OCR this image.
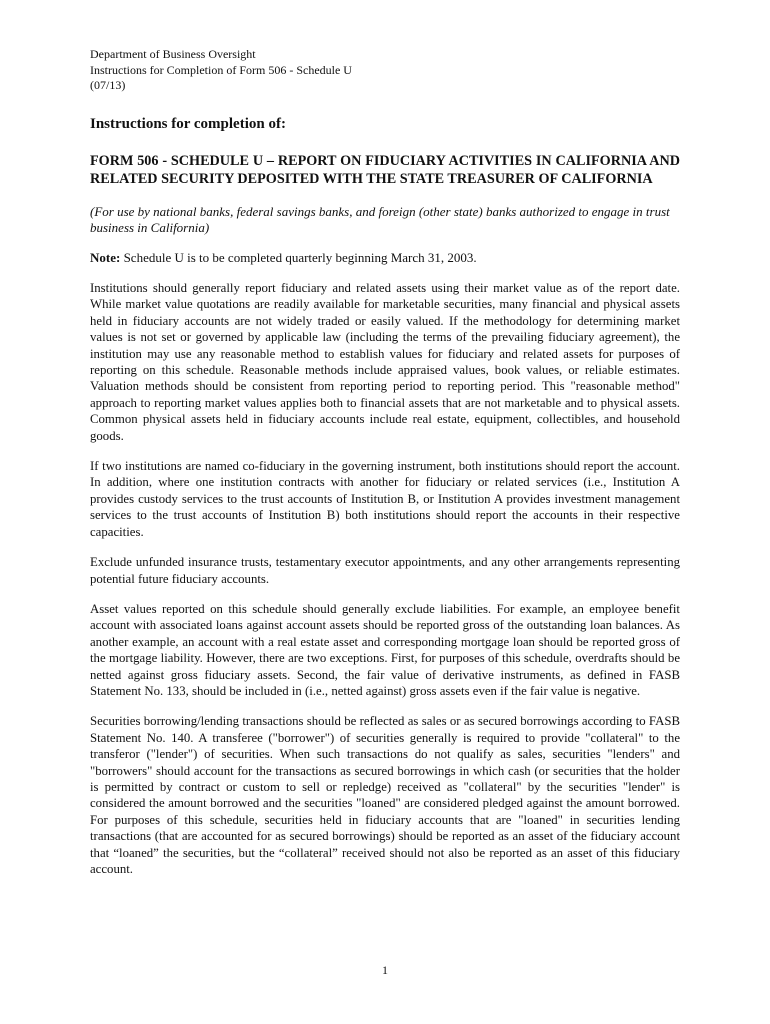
Department of Business Oversight
Instructions for Completion of Form 506 - Schedule U
(07/13)
Instructions for completion of:
FORM 506 - SCHEDULE U – REPORT ON FIDUCIARY ACTIVITIES IN CALIFORNIA AND RELATED SECURITY DEPOSITED WITH THE STATE TREASURER OF CALIFORNIA
(For use by national banks, federal savings banks, and foreign (other state) banks authorized to engage in trust business in California)
Note: Schedule U is to be completed quarterly beginning March 31, 2003.

Institutions should generally report fiduciary and related assets using their market value as of the report date. While market value quotations are readily available for marketable securities, many financial and physical assets held in fiduciary accounts are not widely traded or easily valued. If the methodology for determining market values is not set or governed by applicable law (including the terms of the prevailing fiduciary agreement), the institution may use any reasonable method to establish values for fiduciary and related assets for purposes of reporting on this schedule. Reasonable methods include appraised values, book values, or reliable estimates. Valuation methods should be consistent from reporting period to reporting period. This "reasonable method" approach to reporting market values applies both to financial assets that are not marketable and to physical assets. Common physical assets held in fiduciary accounts include real estate, equipment, collectibles, and household goods.

If two institutions are named co-fiduciary in the governing instrument, both institutions should report the account. In addition, where one institution contracts with another for fiduciary or related services (i.e., Institution A provides custody services to the trust accounts of Institution B, or Institution A provides investment management services to the trust accounts of Institution B) both institutions should report the accounts in their respective capacities.

Exclude unfunded insurance trusts, testamentary executor appointments, and any other arrangements representing potential future fiduciary accounts.

Asset values reported on this schedule should generally exclude liabilities. For example, an employee benefit account with associated loans against account assets should be reported gross of the outstanding loan balances. As another example, an account with a real estate asset and corresponding mortgage loan should be reported gross of the mortgage liability. However, there are two exceptions. First, for purposes of this schedule, overdrafts should be netted against gross fiduciary assets. Second, the fair value of derivative instruments, as defined in FASB Statement No. 133, should be included in (i.e., netted against) gross assets even if the fair value is negative.

Securities borrowing/lending transactions should be reflected as sales or as secured borrowings according to FASB Statement No. 140. A transferee ("borrower") of securities generally is required to provide "collateral" to the transferor ("lender") of securities. When such transactions do not qualify as sales, securities "lenders" and "borrowers" should account for the transactions as secured borrowings in which cash (or securities that the holder is permitted by contract or custom to sell or repledge) received as "collateral" by the securities "lender" is considered the amount borrowed and the securities "loaned" are considered pledged against the amount borrowed. For purposes of this schedule, securities held in fiduciary accounts that are "loaned" in securities lending transactions (that are accounted for as secured borrowings) should be reported as an asset of the fiduciary account that “loaned” the securities, but the “collateral” received should not also be reported as an asset of this fiduciary account.

1
